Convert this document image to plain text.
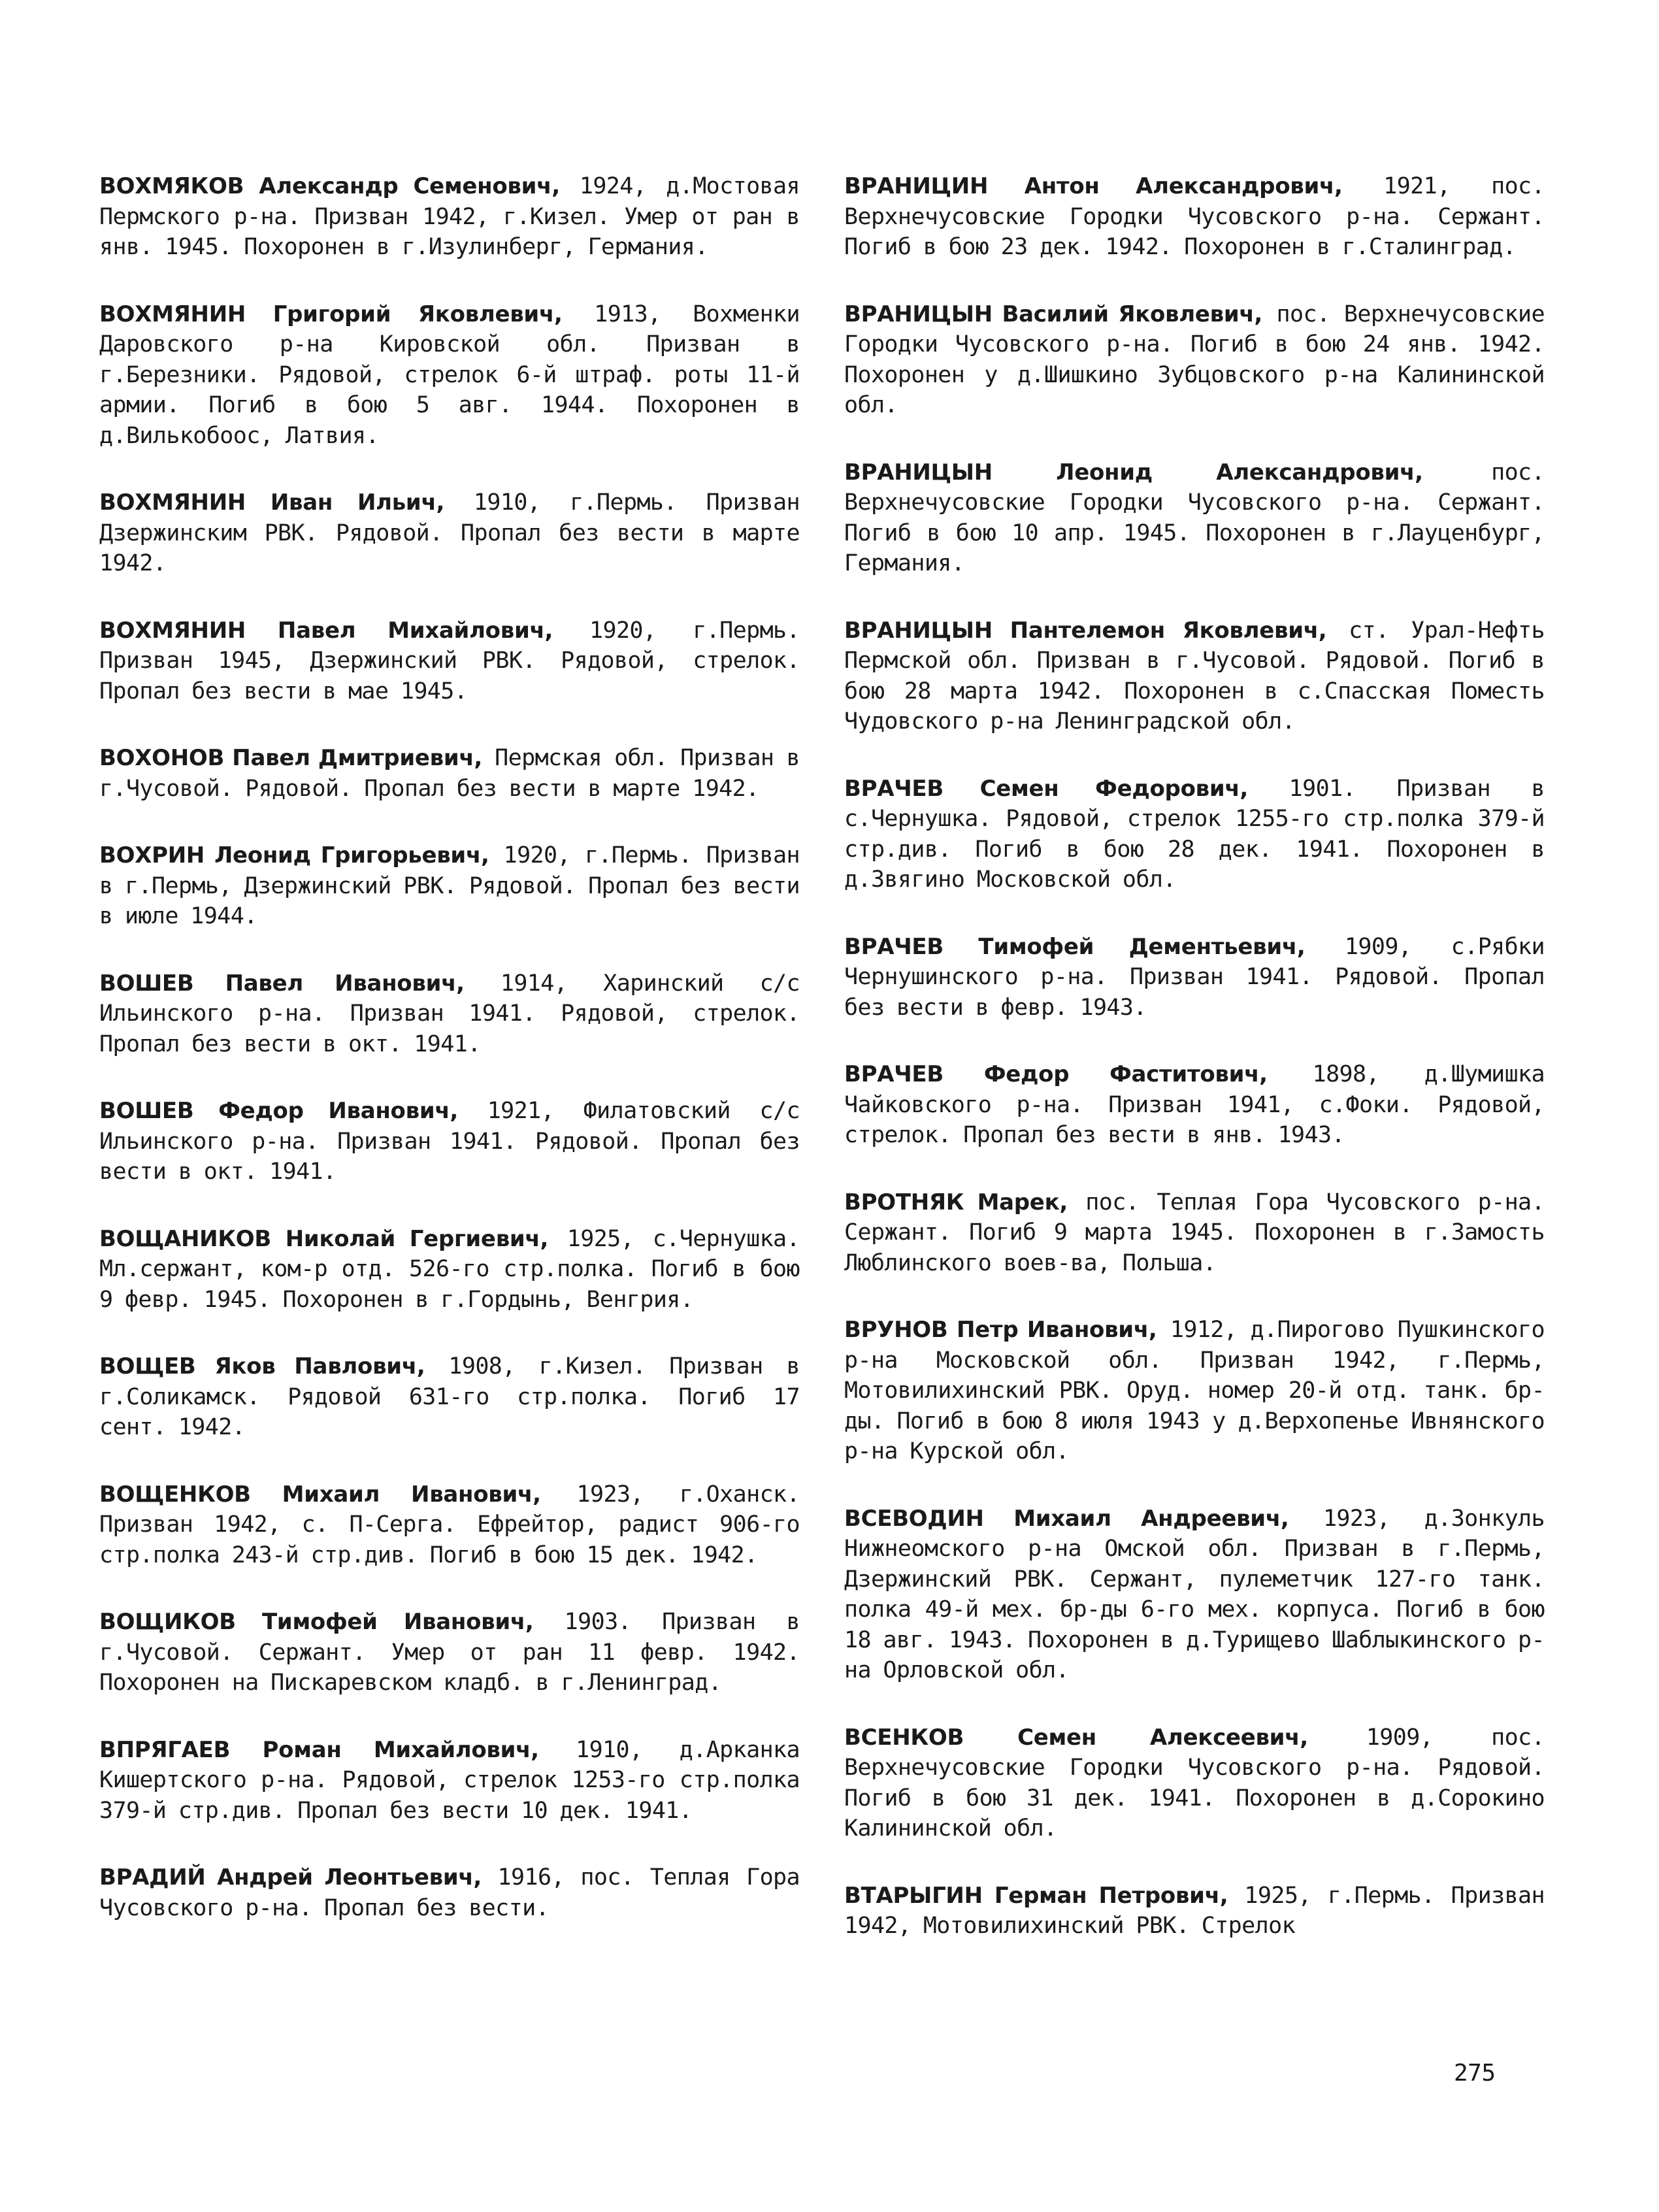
ВОХМЯКОВ Александр Семенович, 1924, д.Мостовая Пермского р-на. Призван 1942, г.Кизел. Умер от ран в янв. 1945. Похоронен в г.Изулинберг, Германия.

ВОХМЯНИН Григорий Яковлевич, 1913, Вохменки Даровского р-на Кировской обл. Призван в г.Березники. Рядовой, стрелок 6-й штраф. роты 11-й армии. Погиб в бою 5 авг. 1944. Похоронен в д.Вилькобоос, Латвия.

ВОХМЯНИН Иван Ильич, 1910, г.Пермь. Призван Дзержинским РВК. Рядовой. Пропал без вести в марте 1942.

ВОХМЯНИН Павел Михайлович, 1920, г.Пермь. Призван 1945, Дзержинский РВК. Рядовой, стрелок. Пропал без вести в мае 1945.

ВОХОНОВ Павел Дмитриевич, Пермская обл. Призван в г.Чусовой. Рядовой. Пропал без вести в марте 1942.

ВОХРИН Леонид Григорьевич, 1920, г.Пермь. Призван в г.Пермь, Дзержинский РВК. Рядовой. Пропал без вести в июле 1944.

ВОШЕВ Павел Иванович, 1914, Харинский с/с Ильинского р-на. Призван 1941. Рядовой, стрелок. Пропал без вести в окт. 1941.

ВОШЕВ Федор Иванович, 1921, Филатовский с/с Ильинского р-на. Призван 1941. Рядовой. Пропал без вести в окт. 1941.

ВОЩАНИКОВ Николай Гергиевич, 1925, с.Чернушка. Мл.сержант, ком-р отд. 526-го стр.полка. Погиб в бою 9 февр. 1945. Похоронен в г.Гордынь, Венгрия.

ВОЩЕВ Яков Павлович, 1908, г.Кизел. Призван в г.Соликамск. Рядовой 631-го стр.полка. Погиб 17 сент. 1942.

ВОЩЕНКОВ Михаил Иванович, 1923, г.Оханск. Призван 1942, с. П-Серга. Ефрейтор, радист 906-го стр.полка 243-й стр.див. Погиб в бою 15 дек. 1942.

ВОЩИКОВ Тимофей Иванович, 1903. Призван в г.Чусовой. Сержант. Умер от ран 11 февр. 1942. Похоронен на Пискаревском кладб. в г.Ленинград.

ВПРЯГАЕВ Роман Михайлович, 1910, д.Арканка Кишертского р-на. Рядовой, стрелок 1253-го стр.полка 379-й стр.див. Пропал без вести 10 дек. 1941.

ВРАДИЙ Андрей Леонтьевич, 1916, пос. Теплая Гора Чусовского р-на. Пропал без вести.

ВРАНИЦИН Антон Александрович, 1921, пос. Верхнечусовские Городки Чусовского р-на. Сержант. Погиб в бою 23 дек. 1942. Похоронен в г.Сталинград.

ВРАНИЦЫН Василий Яковлевич, пос. Верхнечусовские Городки Чусовского р-на. Погиб в бою 24 янв. 1942. Похоронен у д.Шишкино Зубцовского р-на Калининской обл.

ВРАНИЦЫН Леонид Александрович,	пос. Верхнечусовские Городки Чусовского р-на. Сержант. Погиб в бою 10 апр. 1945. Похоронен в г.Лауценбург, Германия.

ВРАНИЦЫН Пантелемон Яковлевич, ст. Урал-Нефть Пермской обл. Призван в г.Чусовой. Рядовой. Погиб в бою 28 марта 1942. Похоронен в с.Спасская Поместь Чудовского р-на Ленинградской обл.

ВРАЧЕВ Семен Федорович, 1901. Призван в с.Чернушка. Рядовой, стрелок 1255-го стр.полка 379-й стр.див. Погиб в бою 28 дек. 1941. Похоронен в д.Звягино Московской обл.

ВРАЧЕВ Тимофей Дементьевич, 1909, с.Рябки Чернушинского р-на. Призван 1941. Рядовой. Пропал без вести в февр. 1943.

ВРАЧЕВ Федор Фаститович, 1898, д.Шумишка Чайковского р-на. Призван 1941, с.Фоки. Рядовой, стрелок. Пропал без вести в янв. 1943.

ВРОТНЯК Марек, пос. Теплая Гора Чусовского р-на. Сержант. Погиб 9 марта 1945. Похоронен в г.Замость Люблинского воев-ва, Польша.

ВРУНОВ Петр Иванович, 1912, д.Пирогово Пушкинского р-на Московской обл. Призван 1942, г.Пермь, Мотовилихинский РВК. Оруд. номер 20-й отд. танк. бр-ды. Погиб в бою 8 июля 1943 у д.Верхопенье Ивнянского р-на Курской обл.

ВСЕВОДИН Михаил Андреевич, 1923, д.Зонкуль Нижнеомского р-на Омской обл. Призван в г.Пермь, Дзержинский РВК. Сержант, пулеметчик 127-го танк. полка 49-й мех. бр-ды 6-го мех. корпуса. Погиб в бою 18 авг. 1943. Похоронен в д.Турищево Шаблыкинского р-на Орловской обл.

ВСЕНКОВ Семен Алексеевич,	1909, пос. Верхнечусовские Городки Чусовского р-на. Рядовой. Погиб в бою 31 дек. 1941. Похоронен в д.Сорокино Калининской обл.

ВТАРЫГИН Герман Петрович, 1925, г.Пермь. Призван 1942, Мотовилихинский РВК. Стрелок

275
